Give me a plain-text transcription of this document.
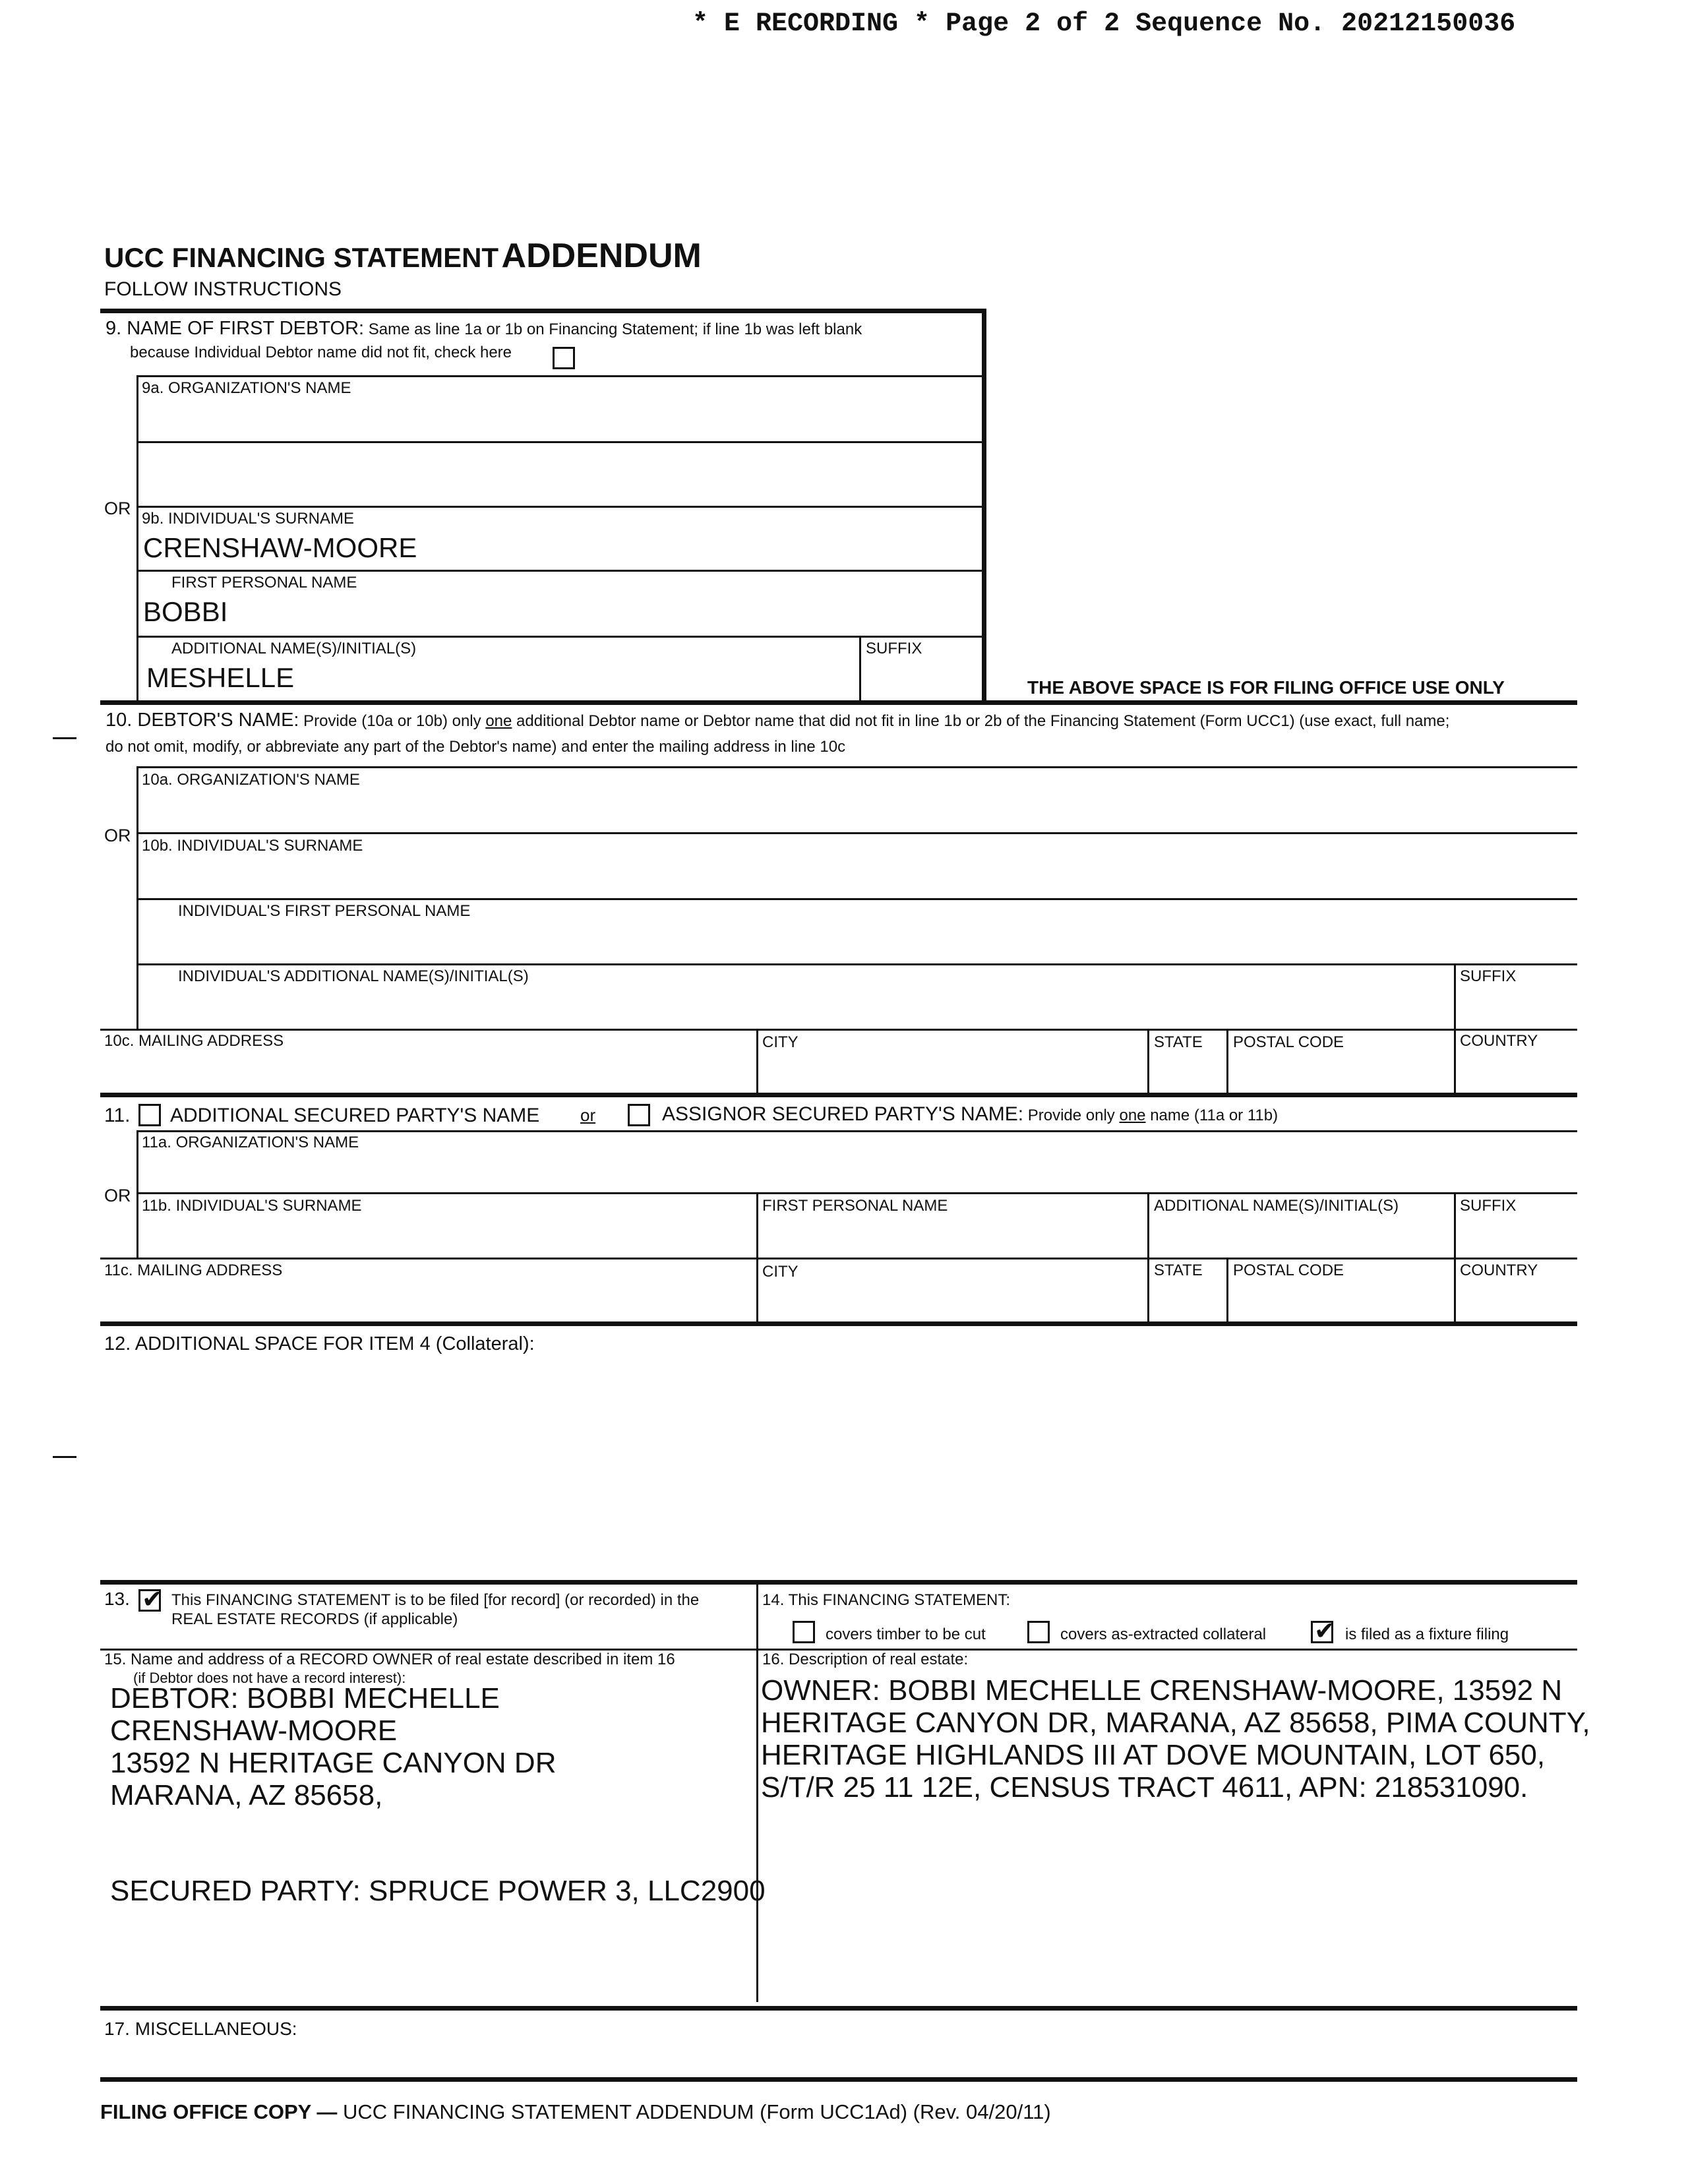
* E RECORDING * Page 2 of 2 Sequence No. 20212150036
UCC FINANCING STATEMENT ADDENDUM
FOLLOW INSTRUCTIONS
9. NAME OF FIRST DEBTOR: Same as line 1a or 1b on Financing Statement; if line 1b was left blank
because Individual Debtor name did not fit, check here
9a. ORGANIZATION'S NAME
OR
9b. INDIVIDUAL'S SURNAME
CRENSHAW-MOORE
FIRST PERSONAL NAME
BOBBI
ADDITIONAL NAME(S)/INITIAL(S)
MESHELLE
SUFFIX
THE ABOVE SPACE IS FOR FILING OFFICE USE ONLY
10. DEBTOR'S NAME: Provide (10a or 10b) only one additional Debtor name or Debtor name that did not fit in line 1b or 2b of the Financing Statement (Form UCC1) (use exact, full name;
do not omit, modify, or abbreviate any part of the Debtor's name) and enter the mailing address in line 10c
10a. ORGANIZATION'S NAME
OR
10b. INDIVIDUAL'S SURNAME
INDIVIDUAL'S FIRST PERSONAL NAME
INDIVIDUAL'S ADDITIONAL NAME(S)/INITIAL(S)	SUFFIX
10c. MAILING ADDRESS	CITY	STATE POSTAL CODE	COUNTRY
11. ADDITIONAL SECURED PARTY'S NAME or	ASSIGNOR SECURED PARTY'S NAME: Provide only one name (11a or 11b)
11a. ORGANIZATION'S NAME
OR
11b. INDIVIDUAL'S SURNAME	FIRST PERSONAL NAME	ADDITIONAL NAME(S)/INITIAL(S)	SUFFIX
11c. MAILING ADDRESS	CITY	STATE POSTAL CODE	COUNTRY
12. ADDITIONAL SPACE FOR ITEM 4 (Collateral):
13. ✔ This FINANCING STATEMENT is to be filed [for record] (or recorded) in the
REAL ESTATE RECORDS (if applicable)
14. This FINANCING STATEMENT:
covers timber to be cut	covers as-extracted collateral ✔ is filed as a fixture filing
15. Name and address of a RECORD OWNER of real estate described in item 16
(if Debtor does not have a record interest):
DEBTOR: BOBBI MECHELLE
CRENSHAW-MOORE
13592 N HERITAGE CANYON DR
MARANA, AZ 85658,
SECURED PARTY: SPRUCE POWER 3, LLC2900
16. Description of real estate:
OWNER: BOBBI MECHELLE CRENSHAW-MOORE, 13592 N
HERITAGE CANYON DR, MARANA, AZ 85658, PIMA COUNTY,
HERITAGE HIGHLANDS III AT DOVE MOUNTAIN, LOT 650,
S/T/R 25 11 12E, CENSUS TRACT 4611, APN: 218531090.
17. MISCELLANEOUS:
FILING OFFICE COPY — UCC FINANCING STATEMENT ADDENDUM (Form UCC1Ad) (Rev. 04/20/11)
